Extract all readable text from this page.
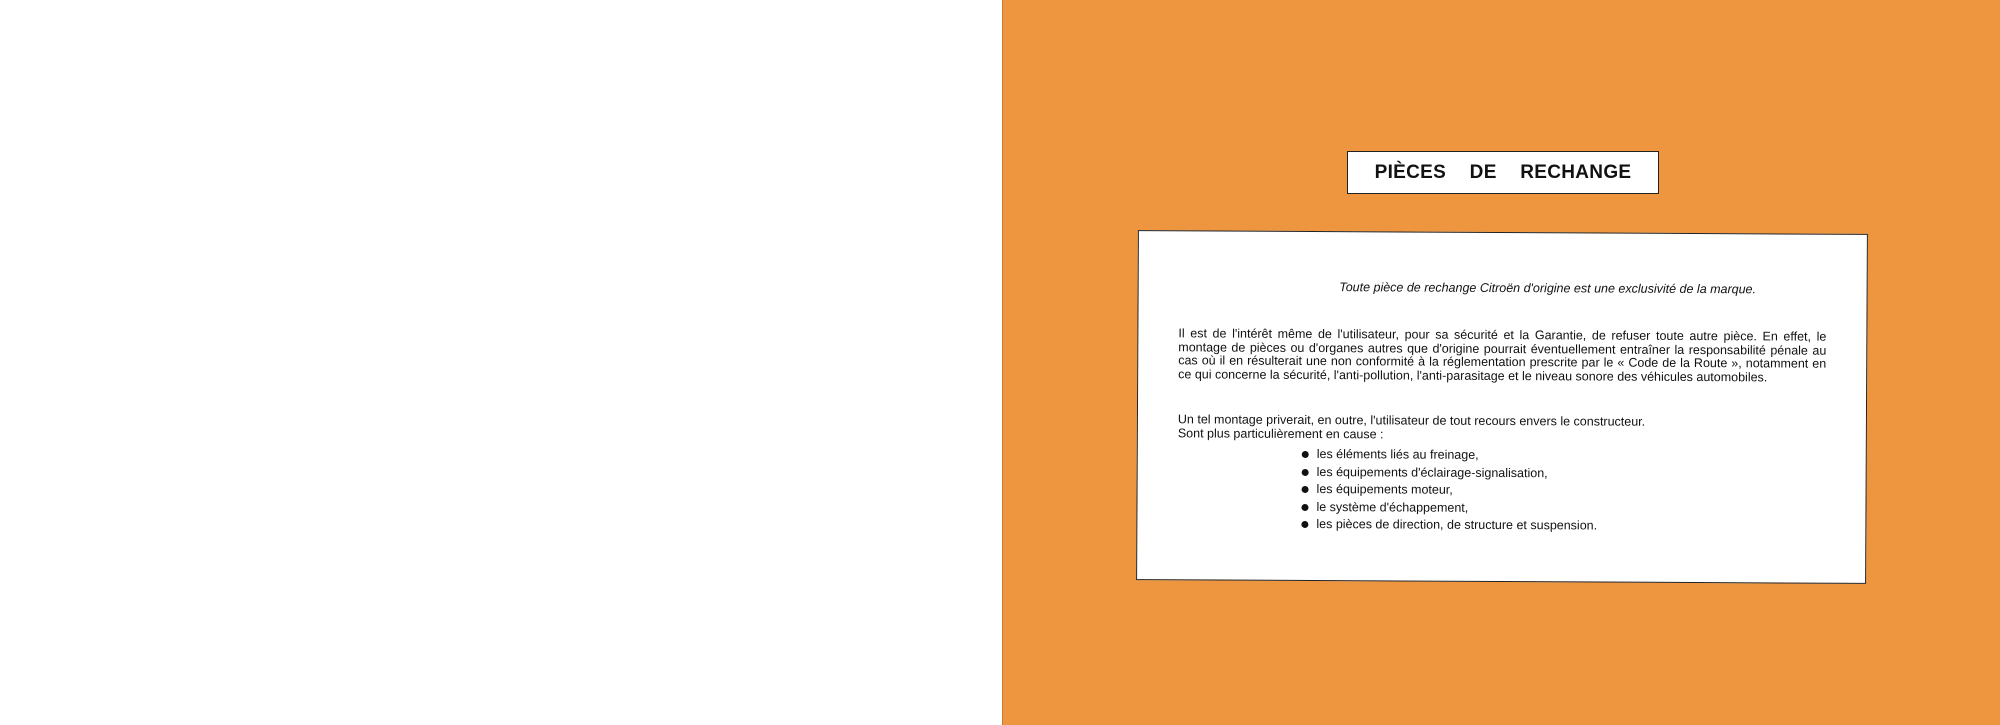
PIÈCES DE RECHANGE
Toute pièce de rechange Citroën d'origine est une exclusivité de la marque.
Il est de l'intérêt même de l'utilisateur, pour sa sécurité et la Garantie, de refuser toute autre pièce. En effet, le montage de pièces ou d'organes autres que d'origine pourrait éventuellement entraîner la responsabilité pénale au cas où il en résulterait une non conformité à la réglementation prescrite par le « Code de la Route », notamment en ce qui concerne la sécurité, l'anti-pollution, l'anti-parasitage et le niveau sonore des véhicules automobiles.
Un tel montage priverait, en outre, l'utilisateur de tout recours envers le constructeur.
Sont plus particulièrement en cause :
les éléments liés au freinage,
les équipements d'éclairage-signalisation,
les équipements moteur,
le système d'échappement,
les pièces de direction, de structure et suspension.
